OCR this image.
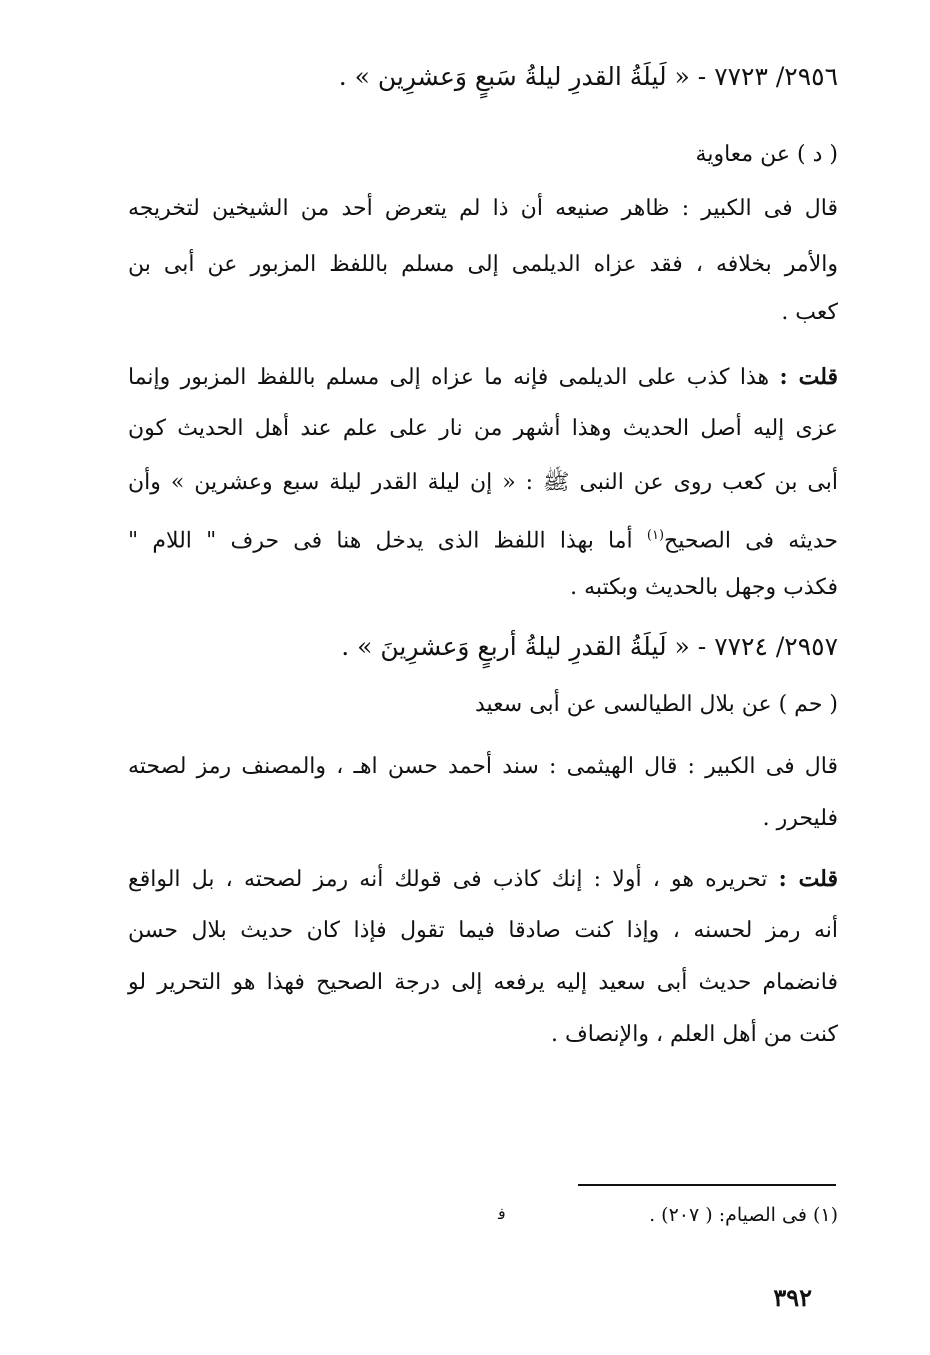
٢٩٥٦/ ٧٧٢٣ - « لَيلَةُ القدرِ ليلةُ سَبعٍ وَعشرِين » .
( د ) عن معاوية
قال فى الكبير : ظاهر صنيعه أن ذا لم يتعرض أحد من الشيخين لتخريجه
والأمر بخلافه ، فقد عزاه الديلمى إلى مسلم باللفظ المزبور عن أبى بن
كعب .
قلت : هذا كذب على الديلمى فإنه ما عزاه إلى مسلم باللفظ المزبور وإنما
عزى إليه أصل الحديث وهذا أشهر من نار على علم عند أهل الحديث كون
أبى بن كعب روى عن النبى ﷺ : « إن ليلة القدر ليلة سبع وعشرين » وأن
حديثه فى الصحيح$^{(١)}$ أما بهذا اللفظ الذى يدخل هنا فى حرف " اللام "
فكذب وجهل بالحديث وبكتبه .
٢٩٥٧/ ٧٧٢٤ - « لَيلَةُ القدرِ ليلةُ أربعٍ وَعشرِينَ » .
( حم ) عن بلال الطيالسى عن أبى سعيد
قال فى الكبير : قال الهيثمى : سند أحمد حسن اهـ ، والمصنف رمز لصحته
فليحرر .
قلت : تحريره هو ، أولا : إنك كاذب فى قولك أنه رمز لصحته ، بل الواقع
أنه رمز لحسنه ، وإذا كنت صادقا فيما تقول فإذا كان حديث بلال حسن
فانضمام حديث أبى سعيد إليه يرفعه إلى درجة الصحيح فهذا هو التحرير لو
كنت من أهل العلم ، والإنصاف .
(١) فى الصيام: ( ٢٠٧) .
ﻓ
٣٩٢
